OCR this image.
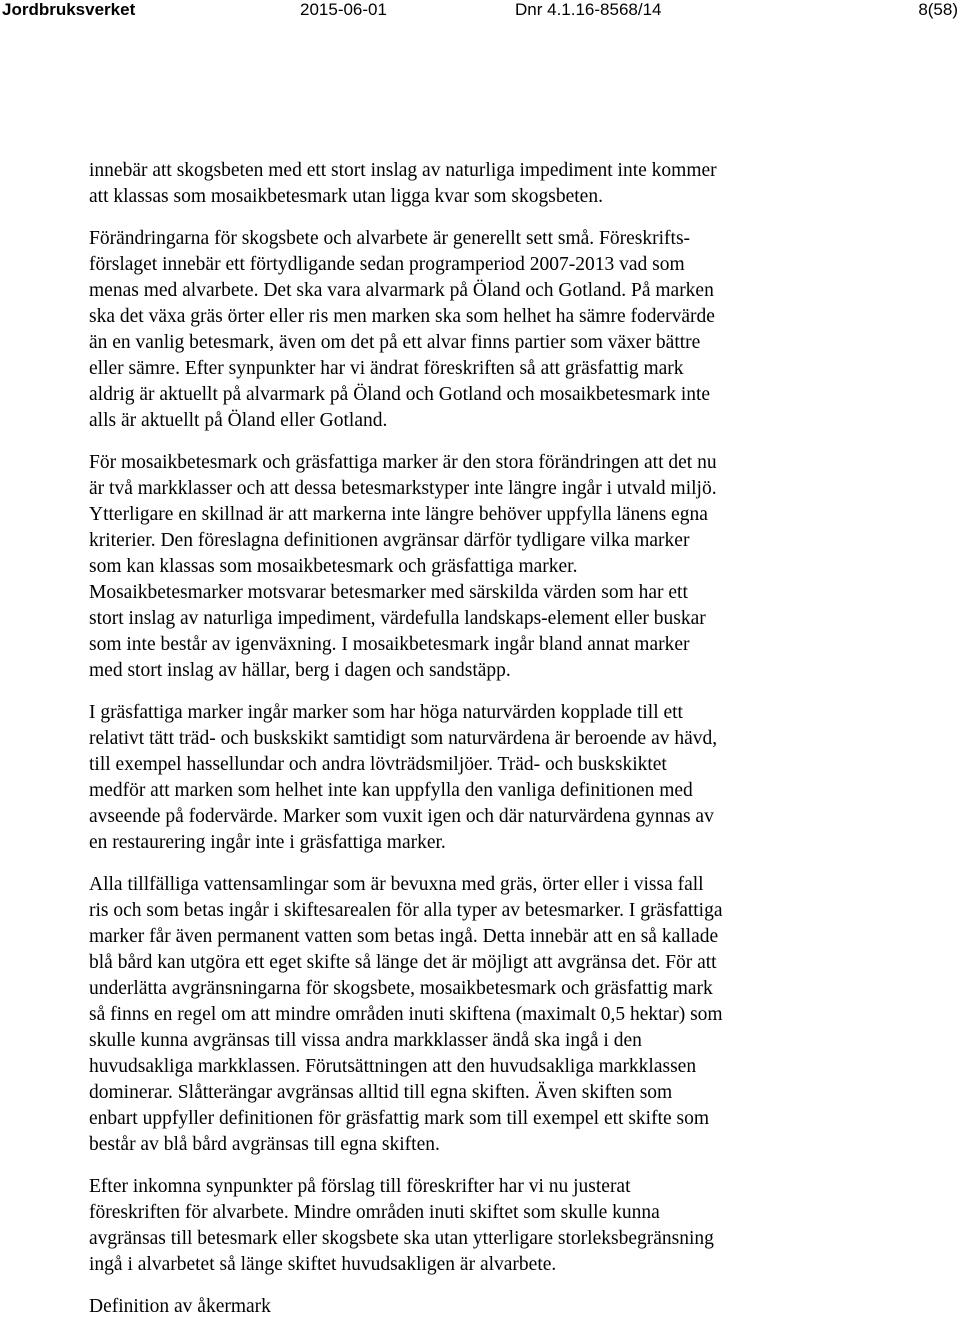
Jordbruksverket	2015-06-01	Dnr 4.1.16-8568/14	8(58)

innebär att skogsbeten med ett stort inslag av naturliga impediment inte kommer
att klassas som mosaikbetesmark utan ligga kvar som skogsbeten.

Förändringarna för skogsbete och alvarbete är generellt sett små. Föreskrifts-
förslaget innebär ett förtydligande sedan programperiod 2007-2013 vad som
menas med alvarbete. Det ska vara alvarmark på Öland och Gotland. På marken
ska det växa gräs örter eller ris men marken ska som helhet ha sämre fodervärde
än en vanlig betesmark, även om det på ett alvar finns partier som växer bättre
eller sämre. Efter synpunkter har vi ändrat föreskriften så att gräsfattig mark
aldrig är aktuellt på alvarmark på Öland och Gotland och mosaikbetesmark inte
alls är aktuellt på Öland eller Gotland.

För mosaikbetesmark och gräsfattiga marker är den stora förändringen att det nu
är två markklasser och att dessa betesmarkstyper inte längre ingår i utvald miljö.
Ytterligare en skillnad är att markerna inte längre behöver uppfylla länens egna
kriterier. Den föreslagna definitionen avgränsar därför tydligare vilka marker
som kan klassas som mosaikbetesmark och gräsfattiga marker.
Mosaikbetesmarker motsvarar betesmarker med särskilda värden som har ett
stort inslag av naturliga impediment, värdefulla landskaps-element eller buskar
som inte består av igenväxning. I mosaikbetesmark ingår bland annat marker
med stort inslag av hällar, berg i dagen och sandstäpp.

I gräsfattiga marker ingår marker som har höga naturvärden kopplade till ett
relativt tätt träd- och buskskikt samtidigt som naturvärdena är beroende av hävd,
till exempel hassellundar och andra lövträdsmiljöer. Träd- och buskskiktet
medför att marken som helhet inte kan uppfylla den vanliga definitionen med
avseende på fodervärde. Marker som vuxit igen och där naturvärdena gynnas av
en restaurering ingår inte i gräsfattiga marker.

Alla tillfälliga vattensamlingar som är bevuxna med gräs, örter eller i vissa fall
ris och som betas ingår i skiftesarealen för alla typer av betesmarker. I gräsfattiga
marker får även permanent vatten som betas ingå. Detta innebär att en så kallade
blå bård kan utgöra ett eget skifte så länge det är möjligt att avgränsa det. För att
underlätta avgränsningarna för skogsbete, mosaikbetesmark och gräsfattig mark
så finns en regel om att mindre områden inuti skiftena (maximalt 0,5 hektar) som
skulle kunna avgränsas till vissa andra markklasser ändå ska ingå i den
huvudsakliga markklassen. Förutsättningen att den huvudsakliga markklassen
dominerar. Slåtterängar avgränsas alltid till egna skiften. Även skiften som
enbart uppfyller definitionen för gräsfattig mark som till exempel ett skifte som
består av blå bård avgränsas till egna skiften.

Efter inkomna synpunkter på förslag till föreskrifter har vi nu justerat
föreskriften för alvarbete. Mindre områden inuti skiftet som skulle kunna
avgränsas till betesmark eller skogsbete ska utan ytterligare storleksbegränsning
ingå i alvarbetet så länge skiftet huvudsakligen är alvarbete.

Definition av åkermark
